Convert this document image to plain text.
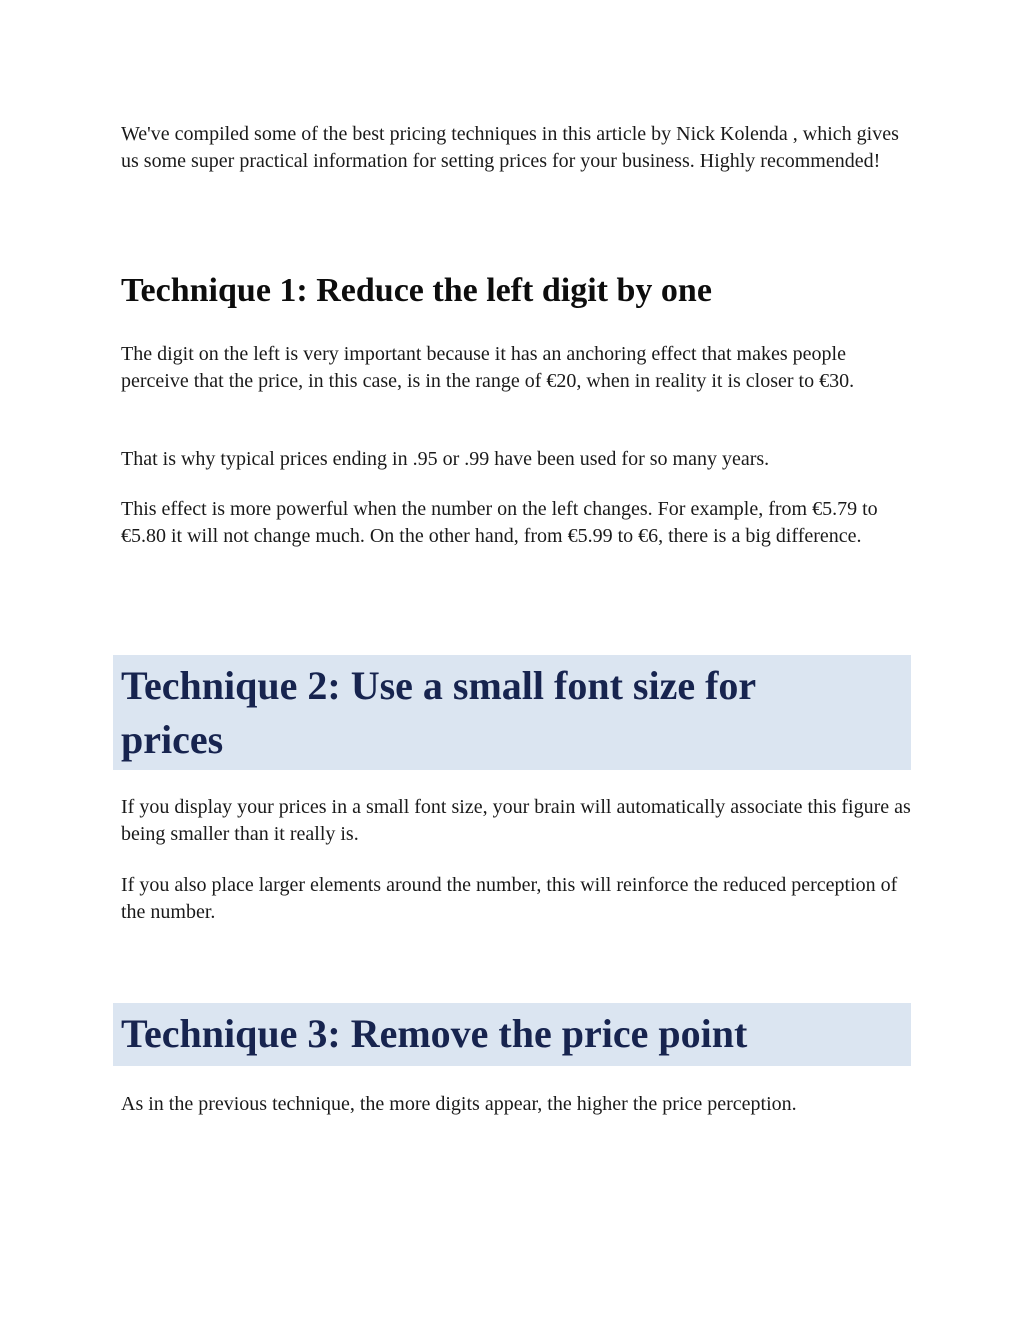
We've compiled some of the best pricing techniques in this article by Nick Kolenda , which gives us some super practical information for setting prices for your business. Highly recommended!

Technique 1: Reduce the left digit by one

The digit on the left is very important because it has an anchoring effect that makes people perceive that the price, in this case, is in the range of €20, when in reality it is closer to €30.

That is why typical prices ending in .95 or .99 have been used for so many years.

This effect is more powerful when the number on the left changes. For example, from €5.79 to €5.80 it will not change much. On the other hand, from €5.99 to €6, there is a big difference.

Technique 2: Use a small font size for prices

If you display your prices in a small font size, your brain will automatically associate this figure as being smaller than it really is.

If you also place larger elements around the number, this will reinforce the reduced perception of the number.

Technique 3: Remove the price point

As in the previous technique, the more digits appear, the higher the price perception.
